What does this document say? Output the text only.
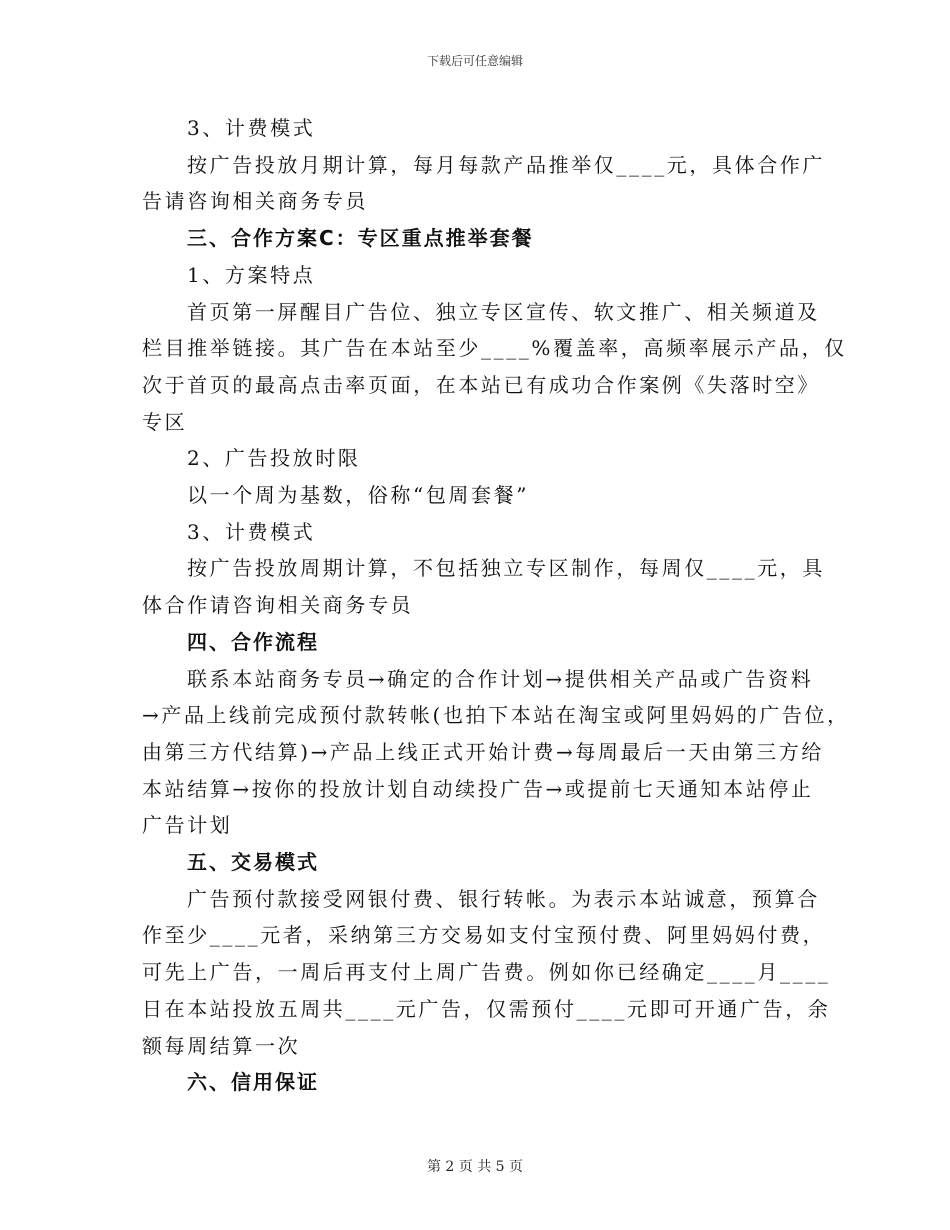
下载后可任意编辑
3、计费模式
按广告投放月期计算，每月每款产品推举仅____元，具体合作广
告请咨询相关商务专员
三、合作方案C：专区重点推举套餐
1、方案特点
首页第一屏醒目广告位、独立专区宣传、软文推广、相关频道及
栏目推举链接。其广告在本站至少____%覆盖率，高频率展示产品，仅
次于首页的最高点击率页面，在本站已有成功合作案例《失落时空》
专区
2、广告投放时限
以一个周为基数，俗称“包周套餐”
3、计费模式
按广告投放周期计算，不包括独立专区制作，每周仅____元，具
体合作请咨询相关商务专员
四、合作流程
联系本站商务专员→确定的合作计划→提供相关产品或广告资料
→产品上线前完成预付款转帐(也拍下本站在淘宝或阿里妈妈的广告位，
由第三方代结算)→产品上线正式开始计费→每周最后一天由第三方给
本站结算→按你的投放计划自动续投广告→或提前七天通知本站停止
广告计划
五、交易模式
广告预付款接受网银付费、银行转帐。为表示本站诚意，预算合
作至少____元者，采纳第三方交易如支付宝预付费、阿里妈妈付费，
可先上广告，一周后再支付上周广告费。例如你已经确定____月____
日在本站投放五周共____元广告，仅需预付____元即可开通广告，余
额每周结算一次
六、信用保证
第 2 页 共 5 页
